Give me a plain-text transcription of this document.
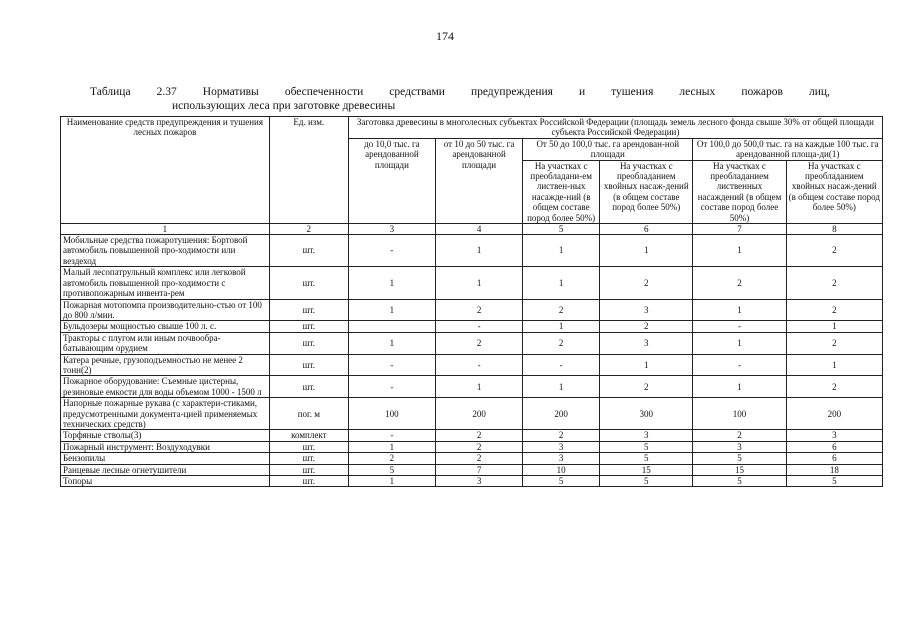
174
Таблица 2.37 Нормативы обеспеченности средствами предупреждения и тушения лесных пожаров лиц,
использующих леса при заготовке древесины
Наименование средств предупреждения и тушения лесных пожаров	Ед. изм.	Заготовка древесины в многолесных субъектах Российской Федерации (площадь земель лесного фонда свыше 30% от общей площади субъекта Российской Федерации)					
		до 10,0 тыс. га арендованной площади	от 10 до 50 тыс. га арендованной площади	От 50 до 100,0 тыс. га арендован-ной площади		От 100,0 до 500,0 тыс. га на каждые 100 тыс. га арендованной площа-ди(1)	
				На участках с преобладани-ем листвен-ных насажде-ний (в общем составе пород более 50%)	На участках с преобладанием хвойных насаж-дений (в общем составе пород более 50%)	На участках с преобладанием лиственных насаждений (в общем составе пород более 50%)	На участках с преобладанием хвойных насаж-дений (в общем составе пород более 50%)
1	2	3	4	5	6	7	8
Мобильные средства пожаротушения: Бортовой автомобиль повышенной про-ходимости или вездеход	шт.	-	1	1	1	1	2
Малый лесопатрульный комплекс или легковой автомобиль повышенной про-ходимости с противопожарным инвента-рем	шт.	1	1	1	2	2	2
Пожарная мотопомпа производительно-стью от 100 до 800 л/мин.	шт.	1	2	2	3	1	2
Бульдозеры мощностью свыше 100 л. с.	шт.		-	1	2	-	1
Тракторы с плугом или иным почвообра-батывающим орудием	шт.	1	2	2	3	1	2
Катера речные, грузоподъемностью не менее 2 тонн(2)	шт.	-	-	-	1	-	1
Пожарное оборудование: Съемные цистерны, резиновые емкости для воды объемом 1000 - 1500 л	шт.	-	1	1	2	1	2
Напорные пожарные рукава (с характери-стиками, предусмотренными документа-цией применяемых технических средств)	пог. м	100	200	200	300	100	200
Торфяные стволы(3)	комплект	-	2	2	3	2	3
Пожарный инструмент: Воздуходувки	шт.	1	2	3	5	3	6
Бензопилы	шт.	2	2	3	5	5	6
Ранцевые лесные огнетушители	шт.	5	7	10	15	15	18
Топоры	шт.	1	3	5	5	5	5
